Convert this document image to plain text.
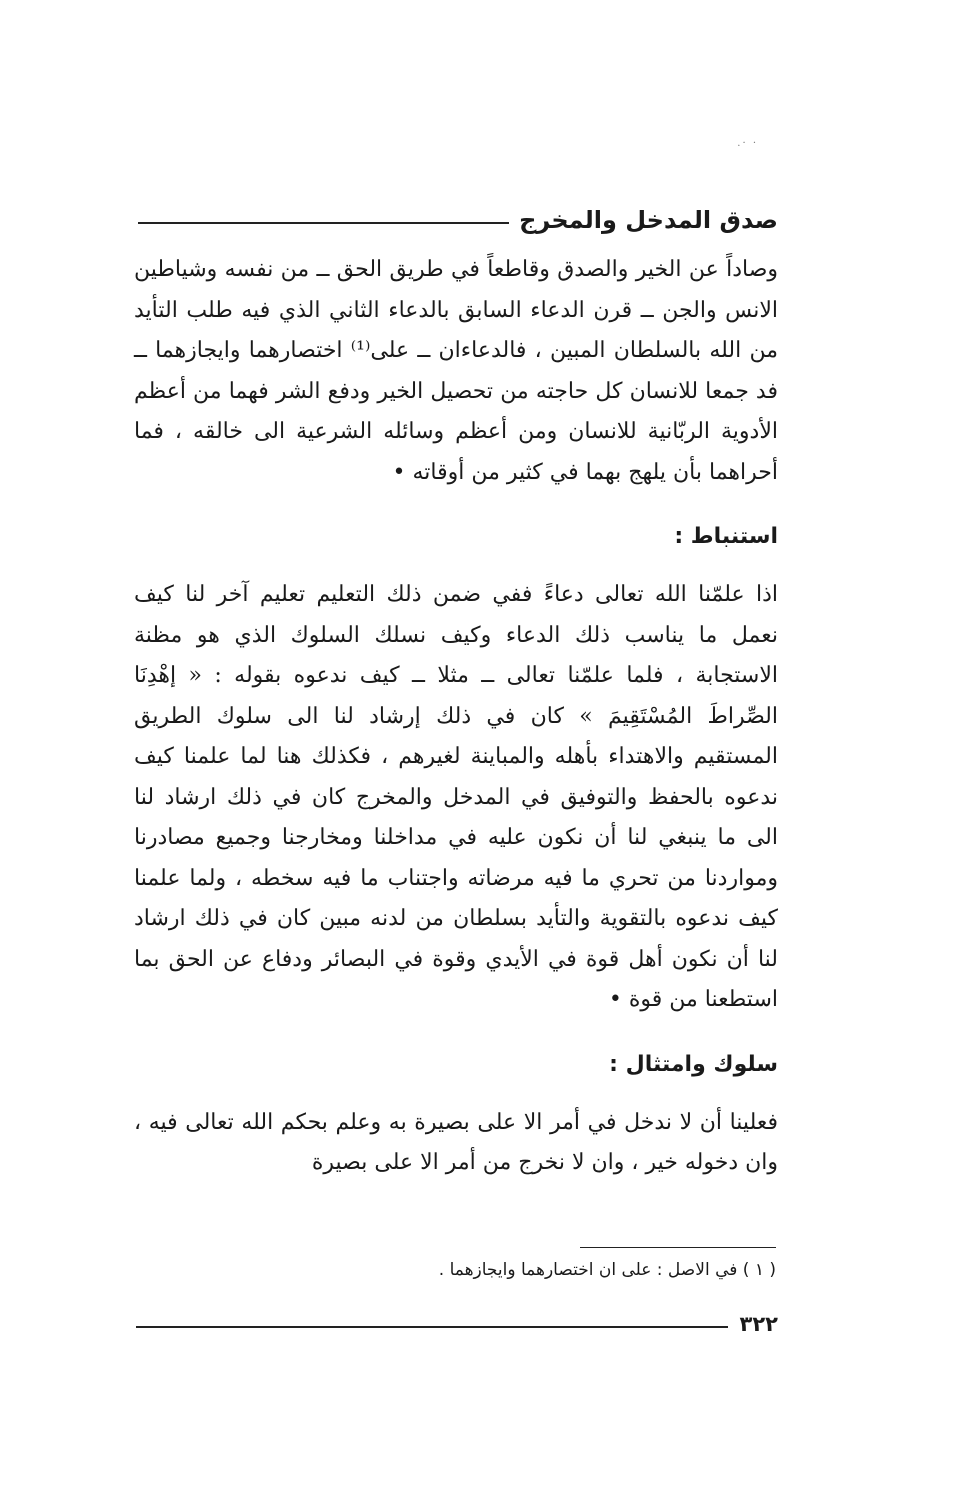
· ·.
صدق المدخل والمخرج

وصاداً عن الخير والصدق وقاطعاً في طريق الحق ــ من نفسه وشياطين الانس والجن ــ قرن الدعاء السابق بالدعاء الثاني الذي فيه طلب التأيد من الله بالسلطان المبين ، فالدعاءان ــ على⁽¹⁾ اختصارهما وايجازهما ــ فد جمعا للانسان كل حاجته من تحصيل الخير ودفع الشر فهما من أعظم الأدوية الربّانية للانسان ومن أعظم وسائله الشرعية الى خالقه ، فما أحراهما بأن يلهج بهما في كثير من أوقاته •

استنباط :

اذا علمّنا الله تعالى دعاءً ففي ضمن ذلك التعليم تعليم آخر لنا كيف نعمل ما يناسب ذلك الدعاء وكيف نسلك السلوك الذي هو مظنة الاستجابة ، فلما علمّنا تعالى ــ مثلا ــ كيف ندعوه بقوله : « إهْدِنَا الصِّراطَ المُسْتَقِيمَ » كان في ذلك إرشاد لنا الى سلوك الطريق المستقيم والاهتداء بأهله والمباينة لغيرهم ، فكذلك هنا لما علمنا كيف ندعوه بالحفظ والتوفيق في المدخل والمخرج كان في ذلك ارشاد لنا الى ما ينبغي لنا أن نكون عليه في مداخلنا ومخارجنا وجميع مصادرنا ومواردنا من تحري ما فيه مرضاته واجتناب ما فيه سخطه ، ولما علمنا كيف ندعوه بالتقوية والتأيد بسلطان من لدنه مبين كان في ذلك ارشاد لنا أن نكون أهل قوة في الأيدي وقوة في البصائر ودفاع عن الحق بما استطعنا من قوة •

سلوك وامتثال :

فعلينا أن لا ندخل في أمر الا على بصيرة به وعلم بحكم الله تعالى فيه ، وان دخوله خير ، وان لا نخرج من أمر الا على بصيرة

( ١ ) في الاصل : على ان اختصارهما وايجازهما .
٣٢٢
